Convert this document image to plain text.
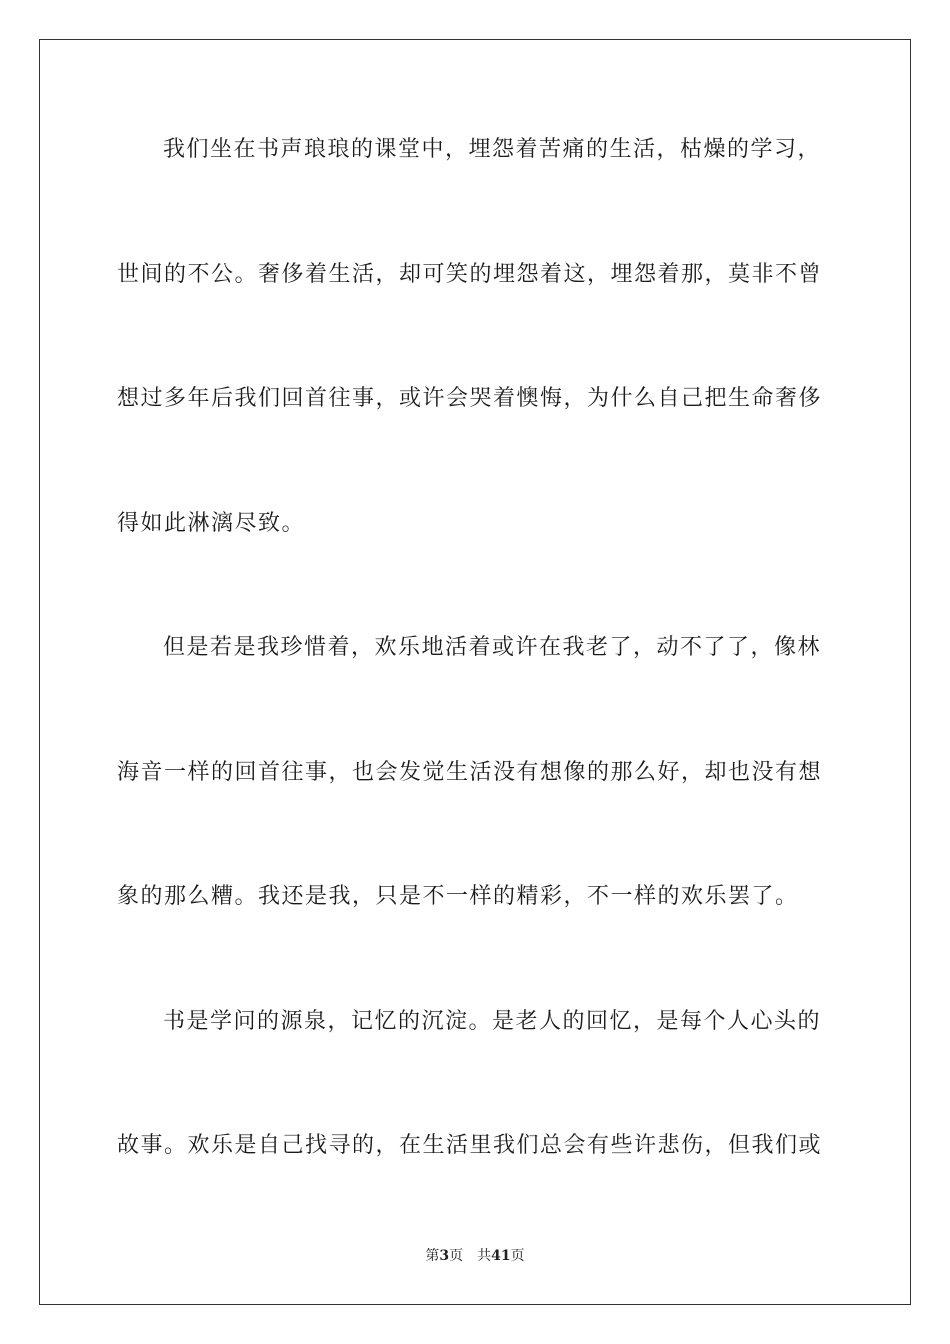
我们坐在书声琅琅的课堂中，埋怨着苦痛的生活，枯燥的学习，
世间的不公。奢侈着生活，却可笑的埋怨着这，埋怨着那，莫非不曾
想过多年后我们回首往事，或许会哭着懊悔，为什么自己把生命奢侈
得如此淋漓尽致。
但是若是我珍惜着，欢乐地活着或许在我老了，动不了了，像林
海音一样的回首往事，也会发觉生活没有想像的那么好，却也没有想
象的那么糟。我还是我，只是不一样的精彩，不一样的欢乐罢了。
书是学问的源泉，记忆的沉淀。是老人的回忆，是每个人心头的
故事。欢乐是自己找寻的，在生活里我们总会有些许悲伤，但我们或
第3页 共41页
